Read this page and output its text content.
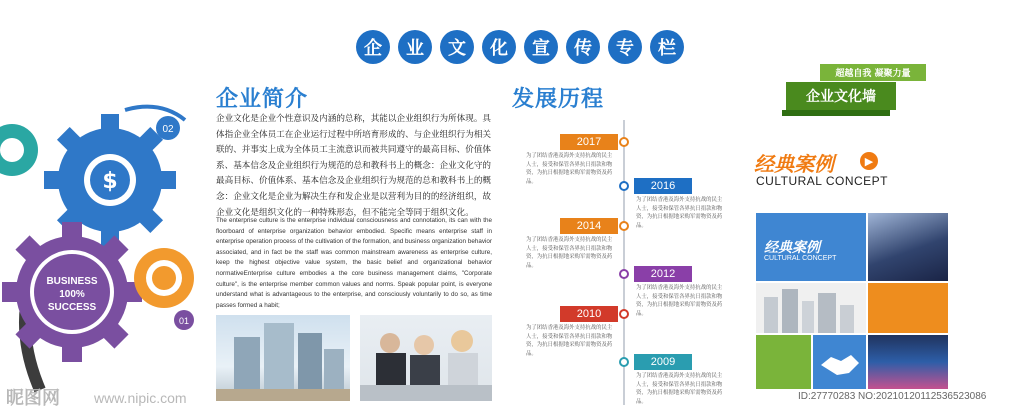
企	业	文	化	宣	传	专	栏
$
BUSINESS
100%
SUCCESS
02
01
企业简介
企业文化是企业个性意识及内涵的总称，其能以企业组织行为所体现。具体指企业全体员工在企业运行过程中所培育形成的、与企业组织行为相关联的、并事实上成为全体员工主流意识而被共同遵守的最高目标、价值体系、基本信念及企业组织行为规范的总和教科书上的概念：企业文化守的最高目标、价值体系、基本信念及企业组织行为规范的总和教科书上的概念：企业文化是企业为解决生存和发企业是以营利为目的的经济组织，故企业文化是组织文化的一种特殊形态，但不能完全等同于组织文化。
The enterprise culture is the enterprise individual consciousness and connotation, its can with the floorboard of enterprise organization behavior embodied. Specific means enterprise staff in enterprise operation process of the cultivation of the formation, and business organization behavior associated, and in fact be the staff was common mainstream awareness as enterprise culture, keep the highest objective value system, the basic belief and organizational behavior normativeEnterprise culture embodies a the core business management claims, "Corporate culture", is the enterprise member common values and norms. Speak popular point, is everyone understand what is advantageous to the enterprise, and consciously voluntarily to do so, as time passes formed a habit;
发展历程
2017
为了团结香港及海外支持抗战的民主人士，接受和保管各界抗日捐款和物资，为抗日根据地采购军需物资及药品。	2016
为了团结香港及海外支持抗战的民主人士，接受和保管各界抗日捐款和物资，为抗日根据地采购军需物资及药品。
2014
为了团结香港及海外支持抗战的民主人士，接受和保管各界抗日捐款和物资，为抗日根据地采购军需物资及药品。
2012
为了团结香港及海外支持抗战的民主人士，接受和保管各界抗日捐款和物资，为抗日根据地采购军需物资及药品。
2010
为了团结香港及海外支持抗战的民主人士，接受和保管各界抗日捐款和物资，为抗日根据地采购军需物资及药品。
2009
为了团结香港及海外支持抗战的民主人士，接受和保管各界抗日捐款和物资，为抗日根据地采购军需物资及药品。
超越自我 凝聚力量
企业文化墙
经典案例	▶
CULTURAL CONCEPT
经典案例
CULTURAL CONCEPT
昵图网 www.nipic.com	ID:27770283 NO:20210120112536523086
